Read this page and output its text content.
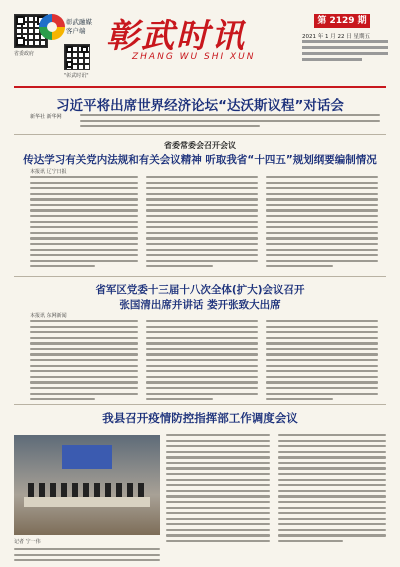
省委政府
彰武融媒
客户端
"彰武时讯"
彰武时讯
ZHANG WU SHI XUN
第 2129 期
2021 年 1 月 22 日 星期五
习近平将出席世界经济论坛“达沃斯议程”对话会
新华社 新华网
省委常委会召开会议
传达学习有关党内法规和有关会议精神 听取我省“十四五”规划纲要编制情况
本报讯 辽宁日报
省军区党委十三届十八次全体(扩大)会议召开
张国清出席并讲话 娄开张致大出席
本报讯 东网新闻
我县召开疫情防控指挥部工作调度会议
记者 宁一伟
